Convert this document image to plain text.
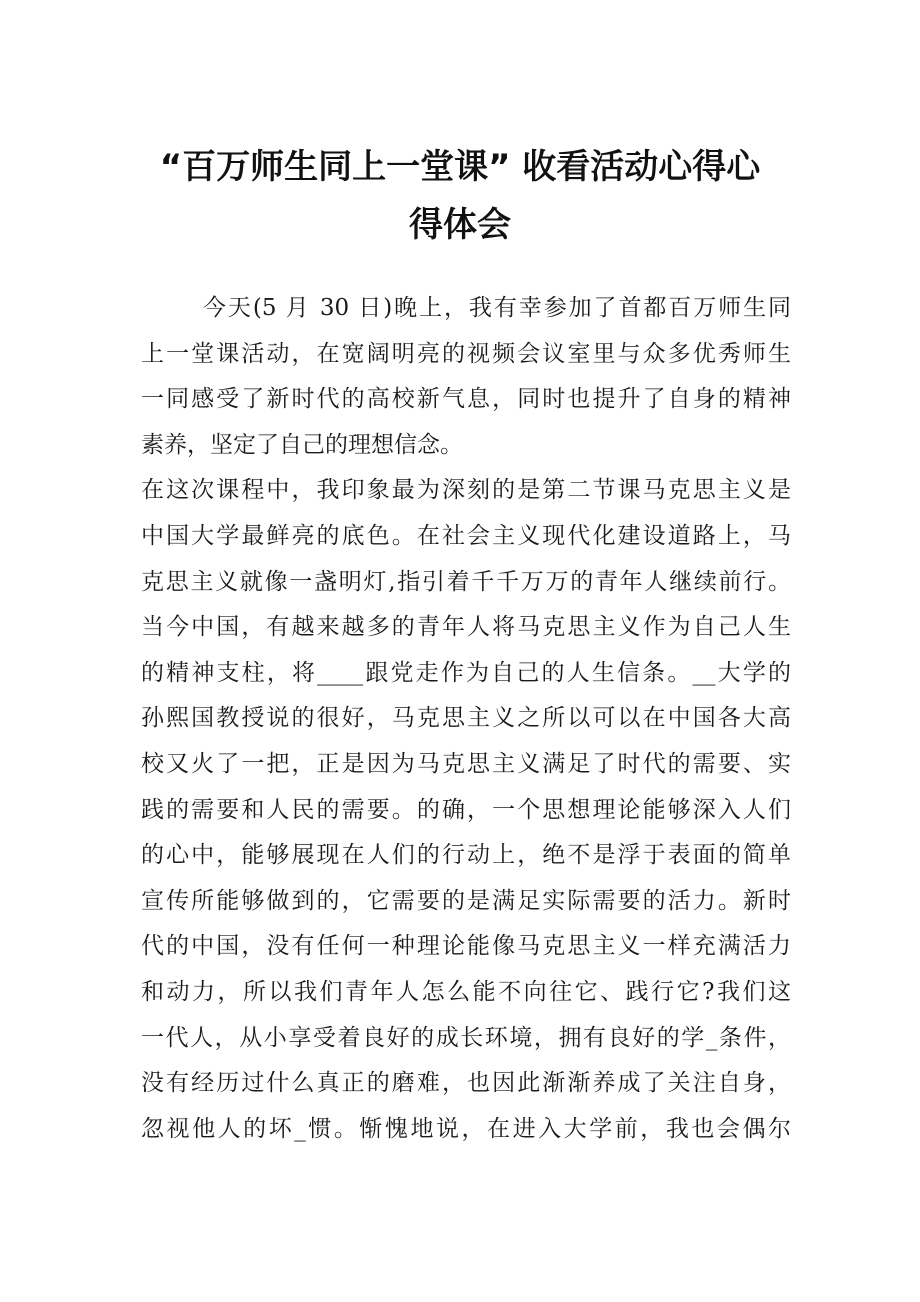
“百万师生同上一堂课” 收看活动心得心
得体会
今天(5 月 30 日)晚上，我有幸参加了首都百万师生同
上一堂课活动，在宽阔明亮的视频会议室里与众多优秀师生
一同感受了新时代的高校新气息，同时也提升了自身的精神
素养，坚定了自己的理想信念。
在这次课程中，我印象最为深刻的是第二节课马克思主义是
中国大学最鲜亮的底色。在社会主义现代化建设道路上，马
克思主义就像一盏明灯,指引着千千万万的青年人继续前行。
当今中国，有越来越多的青年人将马克思主义作为自己人生
的精神支柱，将____跟党走作为自己的人生信条。__大学的
孙熙国教授说的很好，马克思主义之所以可以在中国各大高
校又火了一把，正是因为马克思主义满足了时代的需要、实
践的需要和人民的需要。的确，一个思想理论能够深入人们
的心中，能够展现在人们的行动上，绝不是浮于表面的简单
宣传所能够做到的，它需要的是满足实际需要的活力。新时
代的中国，没有任何一种理论能像马克思主义一样充满活力
和动力，所以我们青年人怎么能不向往它、践行它?我们这
一代人，从小享受着良好的成长环境，拥有良好的学_条件，
没有经历过什么真正的磨难，也因此渐渐养成了关注自身，
忽视他人的坏_惯。惭愧地说，在进入大学前，我也会偶尔
